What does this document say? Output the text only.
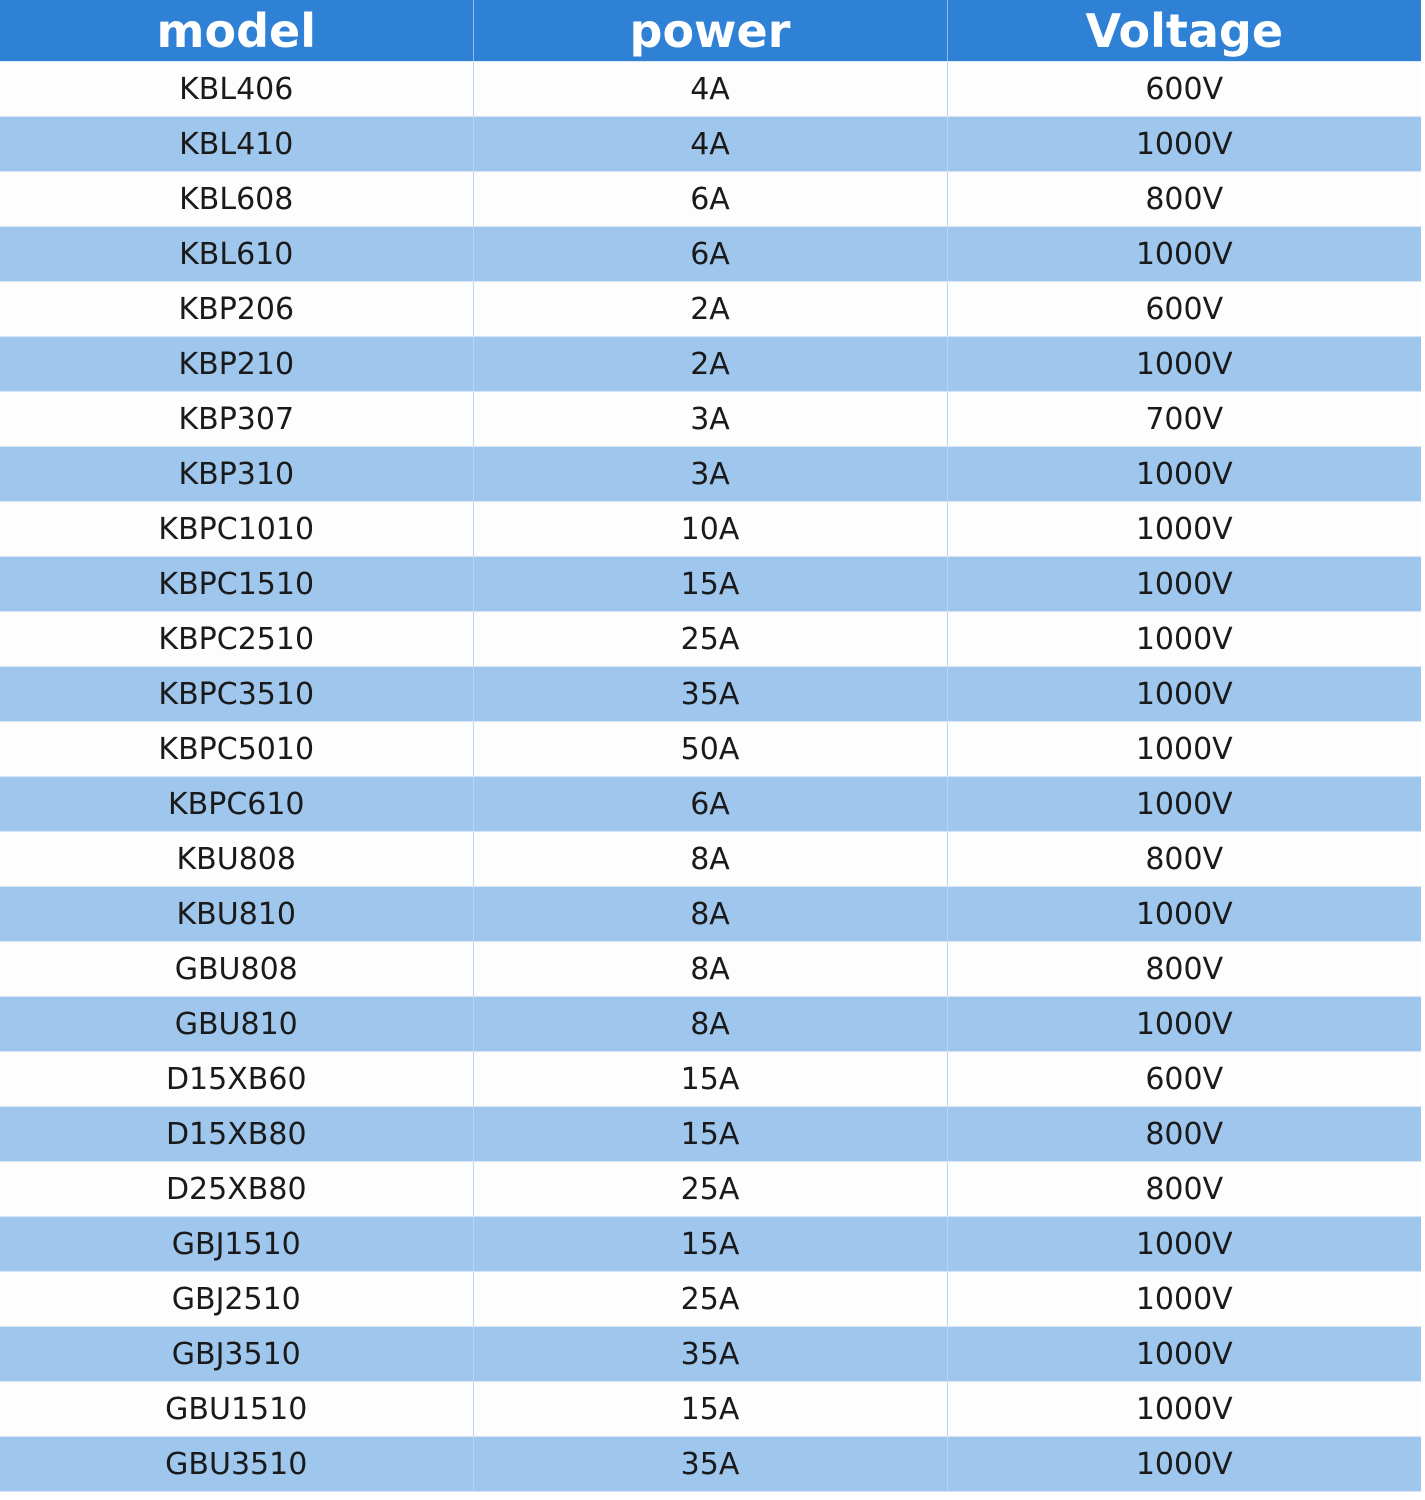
model	power	Voltage
KBL406	4A	600V
KBL410	4A	1000V
KBL608	6A	800V
KBL610	6A	1000V
KBP206	2A	600V
KBP210	2A	1000V
KBP307	3A	700V
KBP310	3A	1000V
KBPC1010	10A	1000V
KBPC1510	15A	1000V
KBPC2510	25A	1000V
KBPC3510	35A	1000V
KBPC5010	50A	1000V
KBPC610	6A	1000V
KBU808	8A	800V
KBU810	8A	1000V
GBU808	8A	800V
GBU810	8A	1000V
D15XB60	15A	600V
D15XB80	15A	800V
D25XB80	25A	800V
GBJ1510	15A	1000V
GBJ2510	25A	1000V
GBJ3510	35A	1000V
GBU1510	15A	1000V
GBU3510	35A	1000V
